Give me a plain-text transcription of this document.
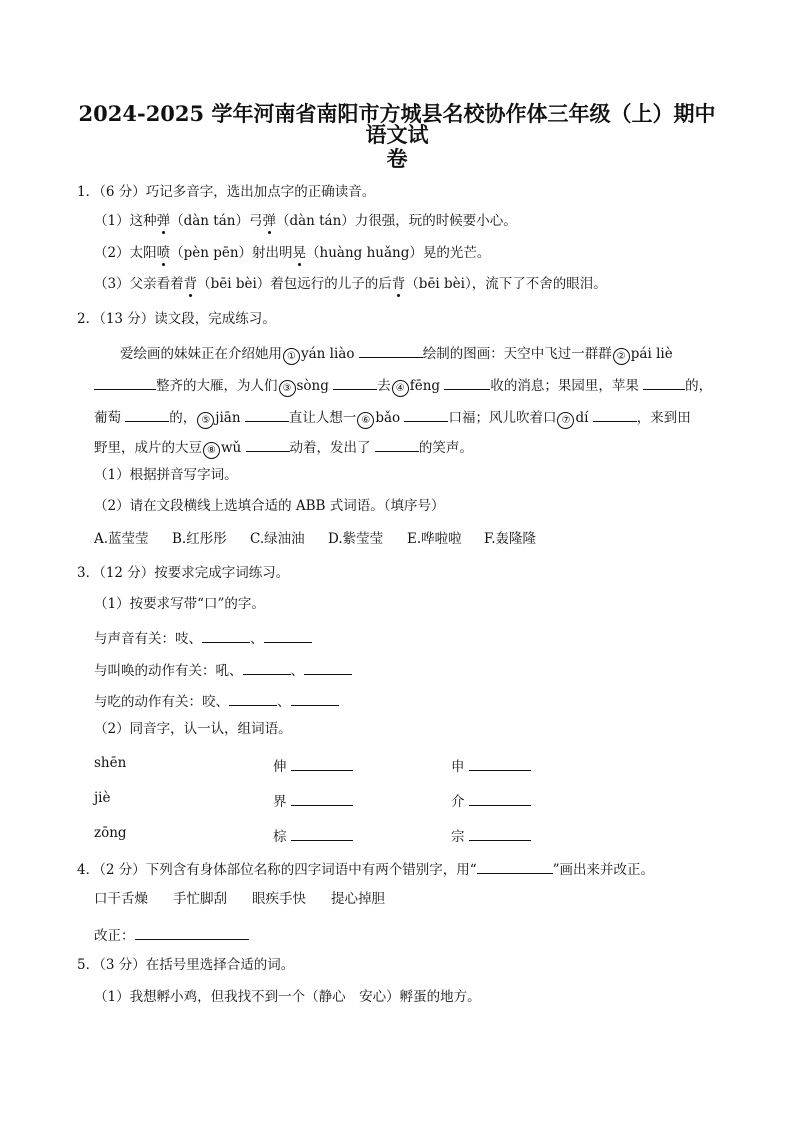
2024-2025 学年河南省南阳市方城县名校协作体三年级（上）期中语文试
卷
1．（6 分）巧记多音字，选出加点字的正确读音。
（1）这种弹（dàn tán）弓弹（dàn tán）力很强，玩的时候要小心。
（2）太阳喷（pèn pēn）射出明晃（huàng huǎng）晃的光芒。
（3）父亲看着背（bēi bèi）着包远行的儿子的后背（bēi bèi），流下了不舍的眼泪。
2．（13 分）读文段，完成练习。
爱绘画的妹妹正在介绍她用 ① yán liào	绘制的图画：天空中飞过一群群 ② pái liè
整齐的大雁，为人们 ③ sòng	去 ④ fēng	收的消息；果园里，苹果	的，
葡萄	的， ⑤ jiān	直让人想一 ⑥ bǎo	口福；风儿吹着口 ⑦ dí	，来到田
野里，成片的大豆 ⑧ wǔ	动着，发出了	的笑声。
（1）根据拼音写字词。
（2）请在文段横线上选填合适的 ABB 式词语。（填序号）
A.蓝莹莹 B.红彤彤 C.绿油油 D.紫莹莹 E.哗啦啦 F.轰隆隆
3．（12 分）按要求完成字词练习。
（1）按要求写带“口”的字。
与声音有关：吱、	、
与叫唤的动作有关：吼、	、
与吃的动作有关：咬、	、
（2）同音字，认一认，组词语。
shēn	伸	申
jiè	界	介
zōng	棕	宗
4．（2 分）下列含有身体部位名称的四字词语中有两个错别字，用“	”画出来并改正。
口干舌燥 手忙脚刮 眼疾手快 提心掉胆
改正：
5．（3 分）在括号里选择合适的词。
（1）我想孵小鸡，但我找不到一个（静心　安心）孵蛋的地方。
